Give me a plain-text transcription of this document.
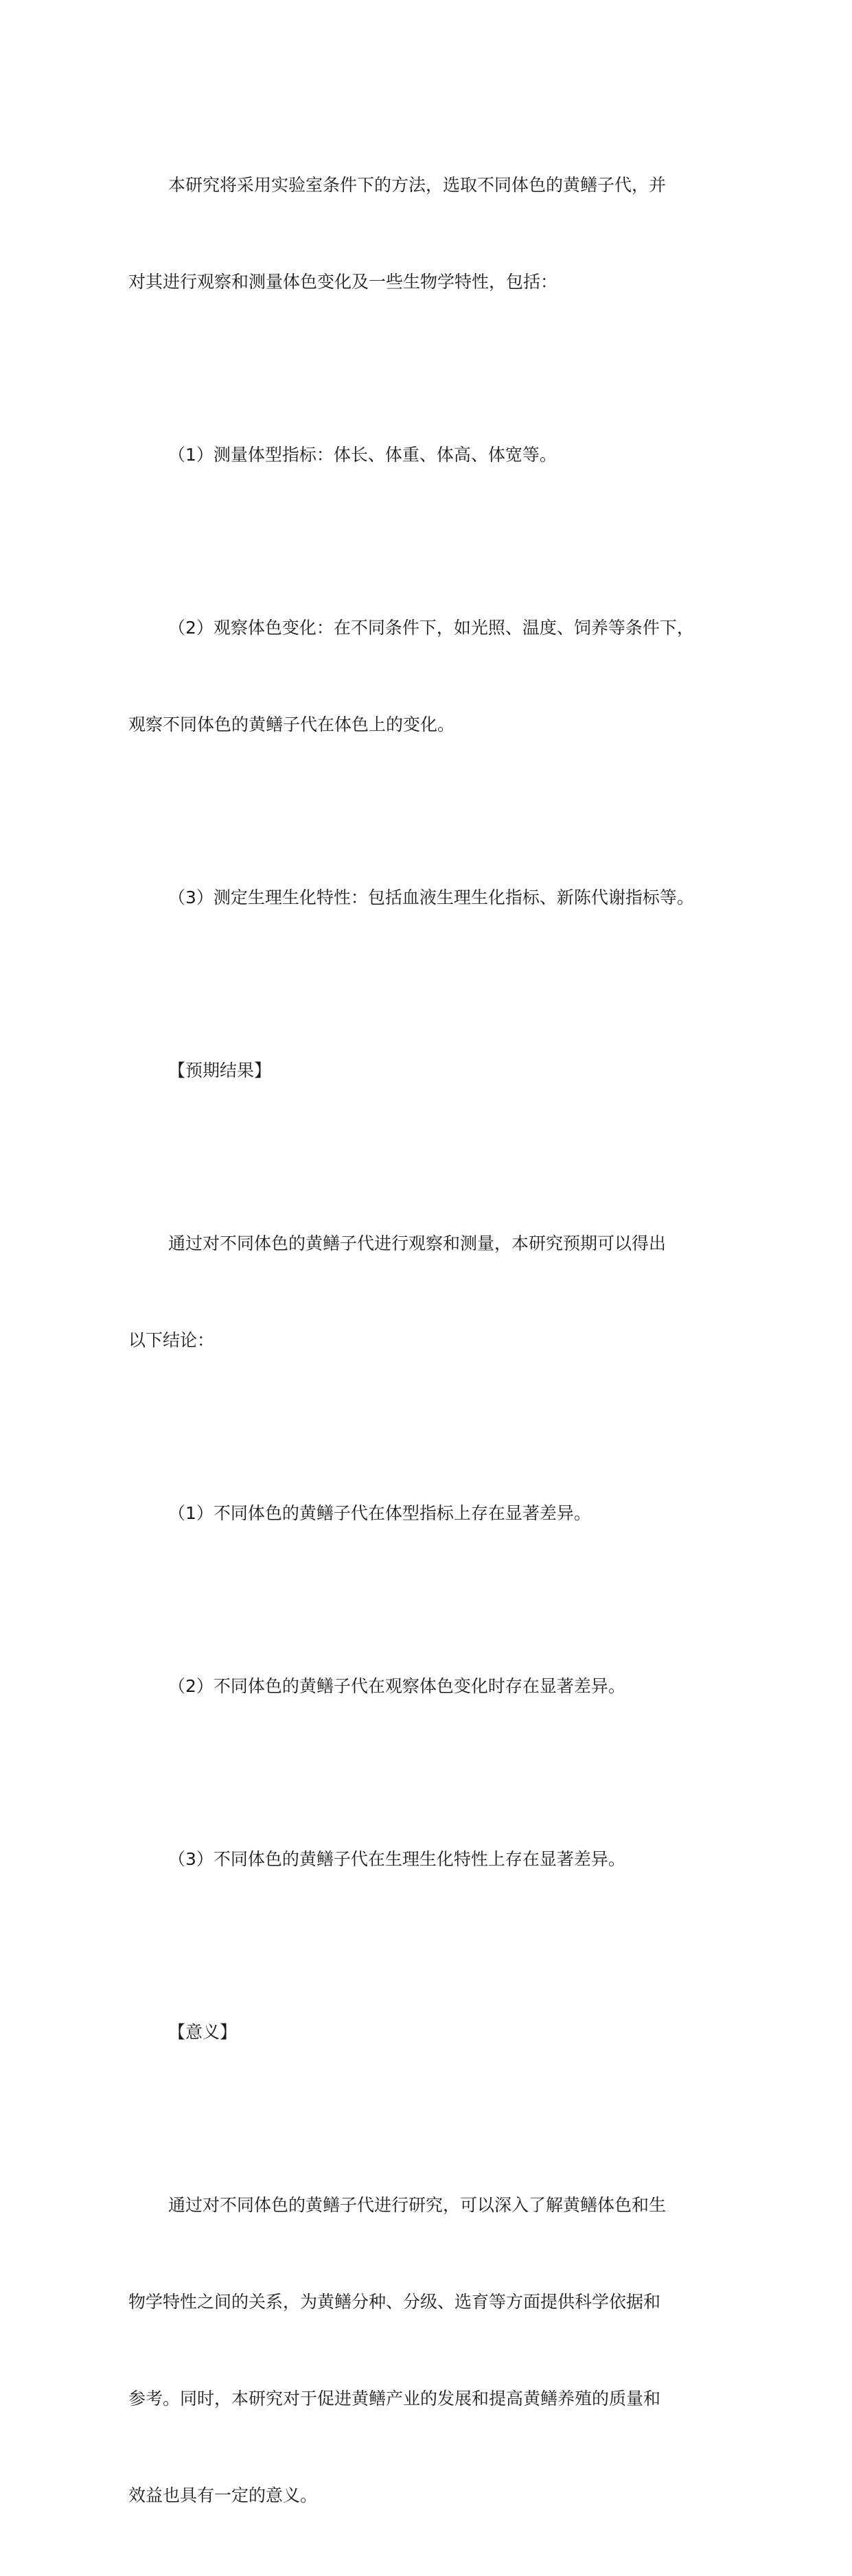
本研究将采用实验室条件下的方法，选取不同体色的黄鳝子代，并

对其进行观察和测量体色变化及一些生物学特性，包括：

（1）测量体型指标：体长、体重、体高、体宽等。

（2）观察体色变化：在不同条件下，如光照、温度、饲养等条件下，

观察不同体色的黄鳝子代在体色上的变化。

（3）测定生理生化特性：包括血液生理生化指标、新陈代谢指标等。

【预期结果】

通过对不同体色的黄鳝子代进行观察和测量，本研究预期可以得出

以下结论：

（1）不同体色的黄鳝子代在体型指标上存在显著差异。

（2）不同体色的黄鳝子代在观察体色变化时存在显著差异。

（3）不同体色的黄鳝子代在生理生化特性上存在显著差异。

【意义】

通过对不同体色的黄鳝子代进行研究，可以深入了解黄鳝体色和生

物学特性之间的关系，为黄鳝分种、分级、选育等方面提供科学依据和

参考。同时，本研究对于促进黄鳝产业的发展和提高黄鳝养殖的质量和

效益也具有一定的意义。
